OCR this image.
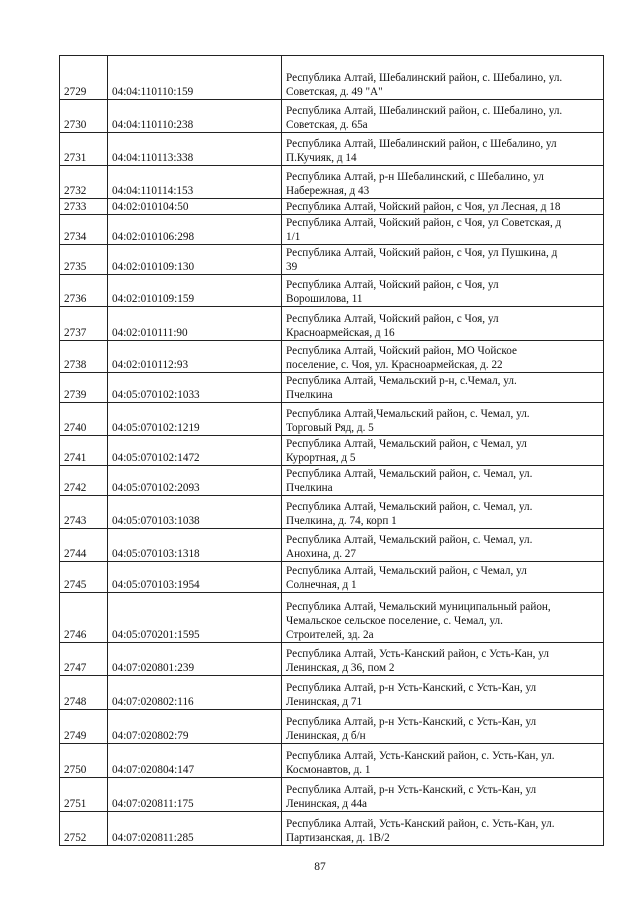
2729	04:04:110110:159	Республика Алтай, Шебалинский район, с. Шебалино, ул.
Советская, д. 49 "А"

2730	04:04:110110:238	Республика Алтай, Шебалинский район, с. Шебалино, ул.
Советская, д. 65а

2731	04:04:110113:338	Республика Алтай, Шебалинский район, с Шебалино, ул
П.Кучияк, д 14

2732	04:04:110114:153	Республика Алтай, р-н Шебалинский, с Шебалино, ул
Набережная, д 43

2733	04:02:010104:50	Республика Алтай, Чойский район, с Чоя, ул Лесная, д 18

2734	04:02:010106:298	Республика Алтай, Чойский район, с Чоя, ул Советская, д
1/1

2735	04:02:010109:130	Республика Алтай, Чойский район, с Чоя, ул Пушкина, д
39

2736	04:02:010109:159	Республика Алтай, Чойский район, с Чоя, ул
Ворошилова, 11

2737	04:02:010111:90	Республика Алтай, Чойский район, с Чоя, ул
Красноармейская, д 16

2738	04:02:010112:93	Республика Алтай, Чойский район, МО Чойское
поселение, с. Чоя, ул. Красноармейская, д. 22

2739	04:05:070102:1033	Республика Алтай, Чемальский р-н, с.Чемал, ул.
Пчелкина

2740	04:05:070102:1219	Республика Алтай,Чемальский район, с. Чемал, ул.
Торговый Ряд, д. 5

2741	04:05:070102:1472	Республика Алтай, Чемальский район, с Чемал, ул
Курортная, д 5

2742	04:05:070102:2093	Республика Алтай, Чемальский район, с. Чемал, ул.
Пчелкина

2743	04:05:070103:1038	Республика Алтай, Чемальский район, с. Чемал, ул.
Пчелкина, д. 74, корп 1

2744	04:05:070103:1318	Республика Алтай, Чемальский район, с. Чемал, ул.
Анохина, д. 27

2745	04:05:070103:1954	Республика Алтай, Чемальский район, с Чемал, ул
Солнечная, д 1

2746	04:05:070201:1595	Республика Алтай, Чемальский муниципальный район,
Чемальское сельское поселение, с. Чемал, ул.
Строителей, зд. 2а

2747	04:07:020801:239	Республика Алтай, Усть-Канский район, с Усть-Кан, ул
Ленинская, д 36, пом 2

2748	04:07:020802:116	Республика Алтай, р-н Усть-Канский, с Усть-Кан, ул
Ленинская, д 71

2749	04:07:020802:79	Республика Алтай, р-н Усть-Канский, с Усть-Кан, ул
Ленинская, д б/н

2750	04:07:020804:147	Республика Алтай, Усть-Канский район, с. Усть-Кан, ул.
Космонавтов, д. 1

2751	04:07:020811:175	Республика Алтай, р-н Усть-Канский, с Усть-Кан, ул
Ленинская, д 44а

2752	04:07:020811:285	Республика Алтай, Усть-Канский район, с. Усть-Кан, ул.
Партизанская, д. 1В/2
87
